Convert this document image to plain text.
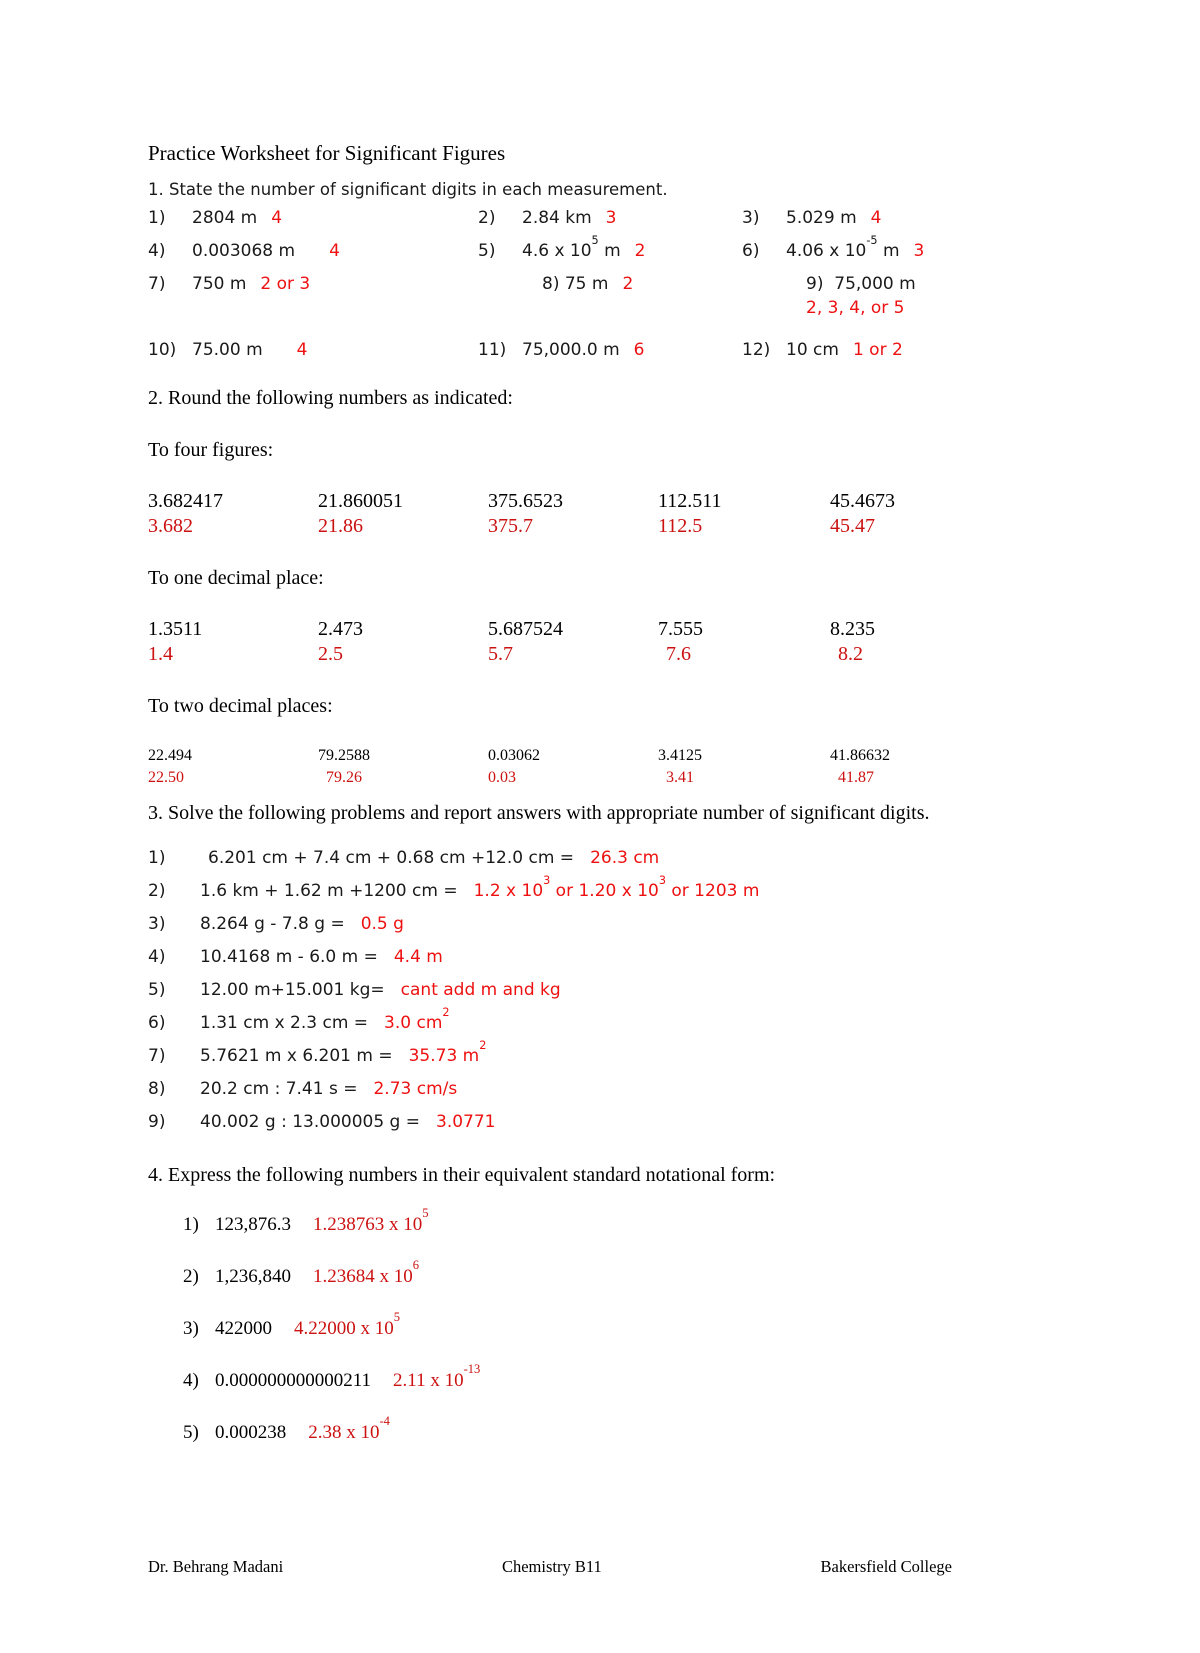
Practice Worksheet for Significant Figures
1. State the number of significant digits in each measurement.
1) 2804 m 4	2) 2.84 km 3	3) 5.029 m 4
4) 0.003068 m 4	5) 4.6 x $10^5$ m 2	6) 4.06 x $10^{-5}$ m 3
7) 750 m 2 or 3	8) 75 m 2	9) 75,000 m
2, 3, 4, or 5
10) 75.00 m 4	11) 75,000.0 m 6	12) 10 cm 1 or 2
2. Round the following numbers as indicated:
To four figures:
3.682417	21.860051	375.6523	112.511	45.4673
3.682	21.86	375.7	112.5	45.47
To one decimal place:
1.3511	2.473	5.687524	7.555	8.235
1.4	2.5	5.7	7.6	8.2
To two decimal places:
22.494	79.2588	0.03062	3.4125	41.86632
22.50	79.26	0.03	3.41	41.87
3. Solve the following problems and report answers with appropriate number of significant digits.
1)	6.201 cm + 7.4 cm + 0.68 cm +12.0 cm = 26.3 cm
2) 1.6 km + 1.62 m +1200 cm = 1.2 x $10^3$ or 1.20 x $10^3$ or 1203 m
3) 8.264 g - 7.8 g = 0.5 g
4) 10.4168 m - 6.0 m = 4.4 m
5) 12.00 m+15.001 kg= cant add m and kg
6) 1.31 cm x 2.3 cm = 3.0 $cm^2$
7) 5.7621 m x 6.201 m = 35.73 $m^2$
8) 20.2 cm : 7.41 s = 2.73 cm/s
9) 40.002 g : 13.000005 g = 3.0771
4. Express the following numbers in their equivalent standard notational form:
1) 123,876.3 1.238763 x $10^5$
2) 1,236,840 1.23684 x $10^6$
3) 422000 4.22000 x $10^5$
4) 0.000000000000211 2.11 x $10^{-13}$
5) 0.000238 2.38 x $10^{-4}$
Dr. Behrang Madani	Chemistry B11	Bakersfield College
